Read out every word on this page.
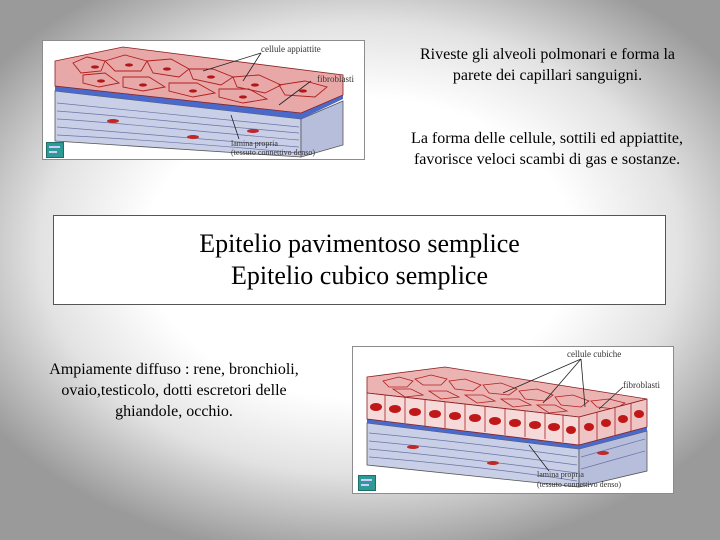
cellule appiattite
fibroblasti
lamina propria
(tessuto connettivo denso)
Riveste gli alveoli polmonari e forma la parete dei capillari sanguigni.
La forma delle cellule, sottili ed appiattite, favorisce veloci scambi di gas e sostanze.
Epitelio pavimentoso semplice
Epitelio cubico semplice
Ampiamente diffuso : rene, bronchioli, ovaio,testicolo, dotti escretori delle ghiandole, occhio.
cellule cubiche
fibroblasti
lamina propria
(tessuto connettivo denso)
